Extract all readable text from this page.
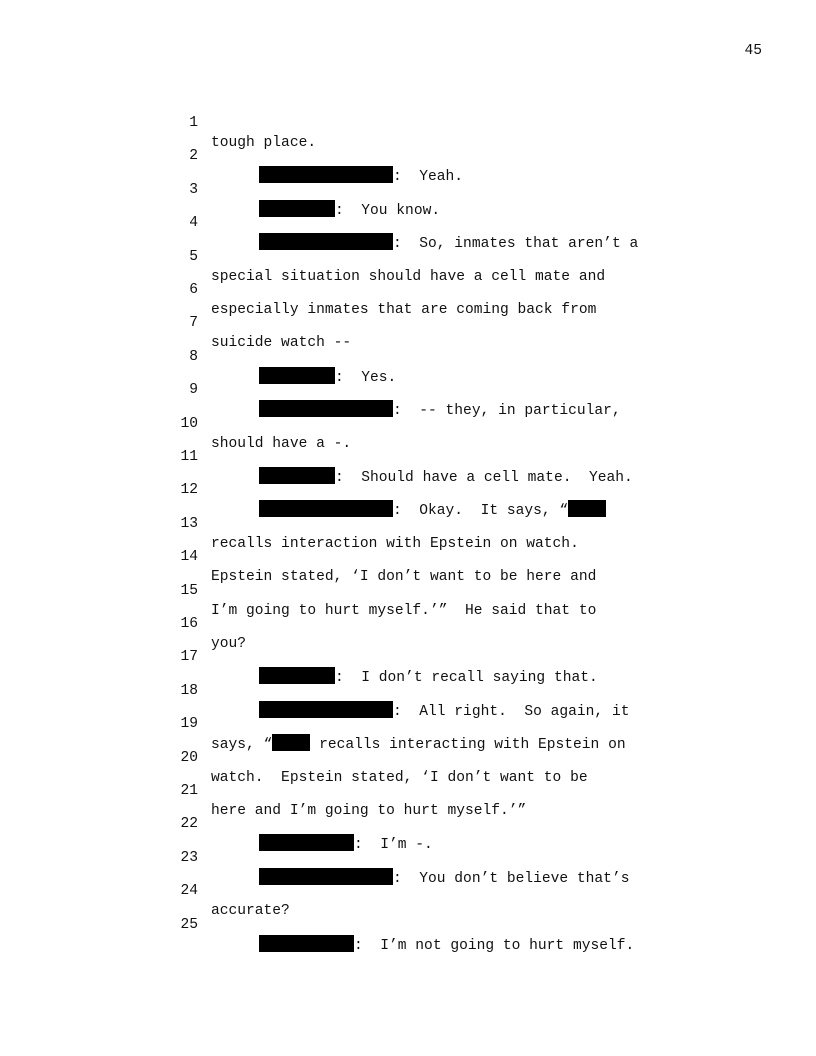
45

1

tough place.

2

:  Yeah.

3

:  You know.

4

:  So, inmates that aren’t a

5

special situation should have a cell mate and

6

especially inmates that are coming back from

7

suicide watch --

8

:  Yes.

9

:  -- they, in particular,

10

should have a -.

11

:  Should have a cell mate.  Yeah.

12

:  Okay.  It says, “

13

recalls interaction with Epstein on watch.

14

Epstein stated, ‘I don’t want to be here and

15

I’m going to hurt myself.’”  He said that to

16

you?

17

:  I don’t recall saying that.

18

:  All right.  So again, it

19

says, “	recalls interacting with Epstein on

20

watch.  Epstein stated, ‘I don’t want to be

21

here and I’m going to hurt myself.’”

22

:  I’m -.

23

:  You don’t believe that’s

24

accurate?

25

:  I’m not going to hurt myself.
